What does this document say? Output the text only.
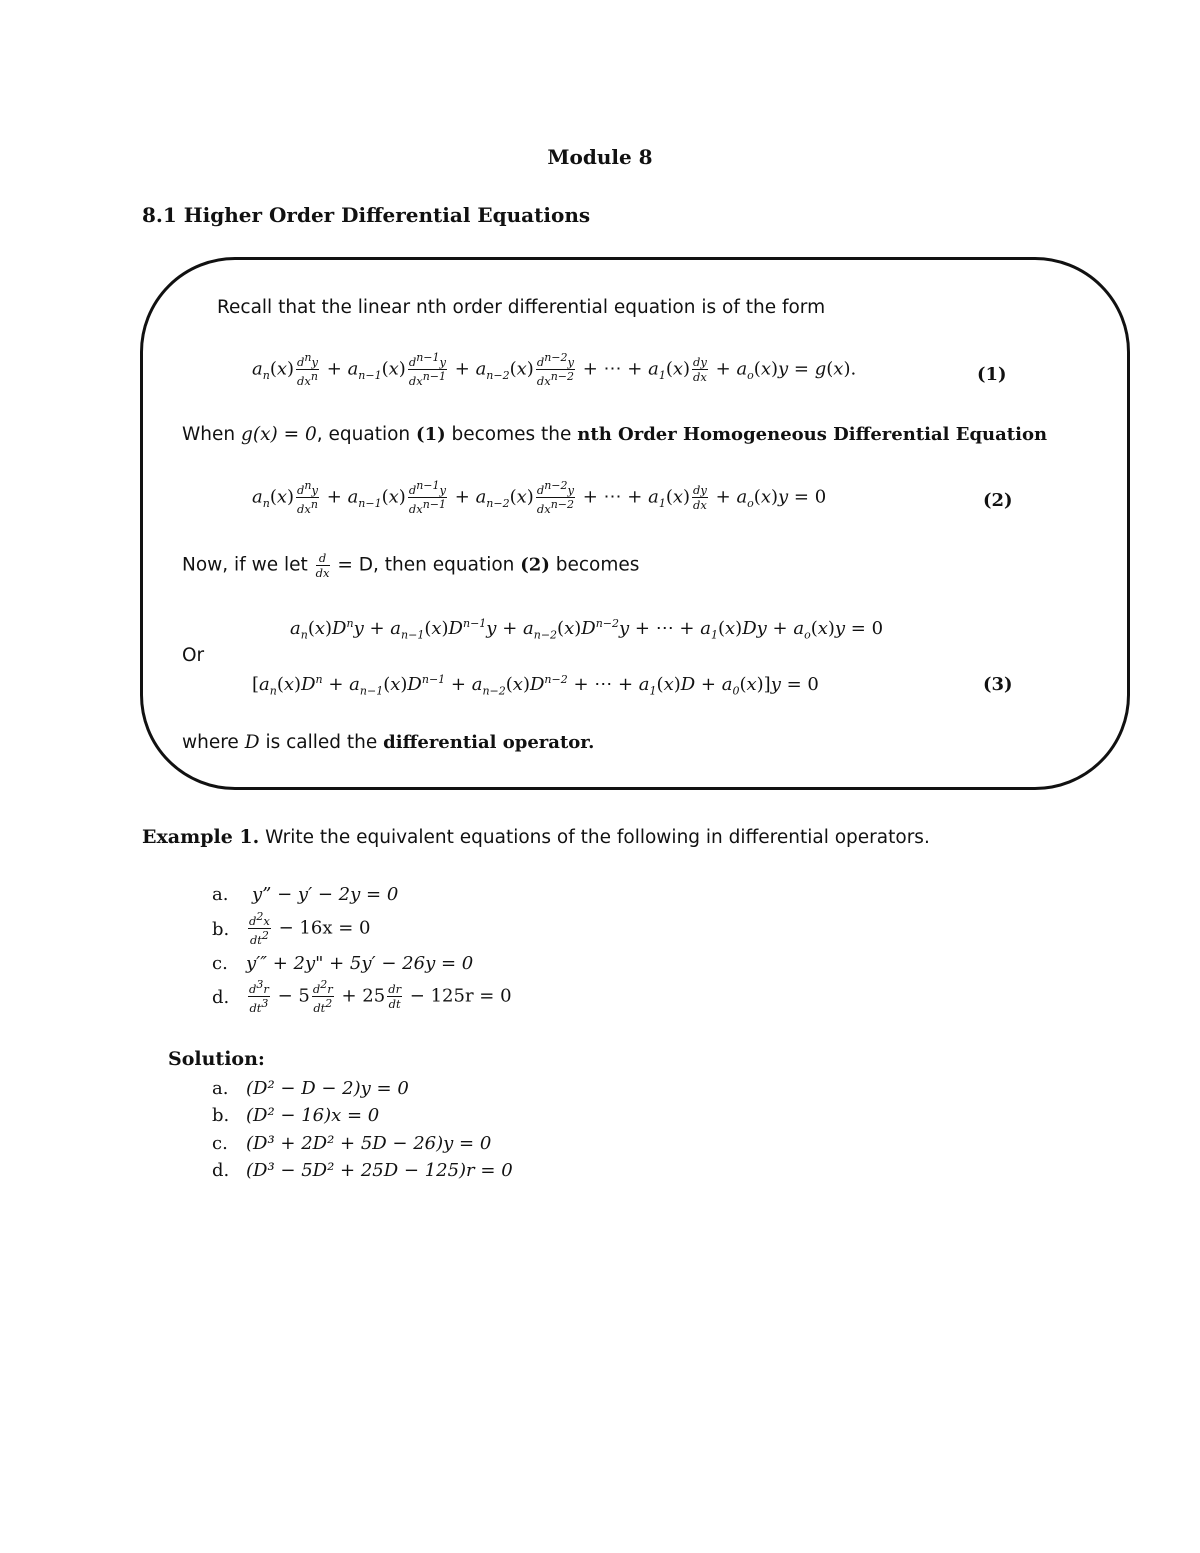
Module 8
8.1 Higher Order Differential Equations
Recall that the linear nth order differential equation is of the form
$a_n(x) \frac{d^ny}{dx^n} + a_{n-1}(x) \frac{d^{n-1}y}{dx^{n-1}} + a_{n-2}(x) \frac{d^{n-2}y}{dx^{n-2}}$ + ⋯ + $a_1(x) \frac{dy}{dx} + a_o(x)y = g(x)$.	(1)
When g(x) = 0, equation (1) becomes the nth Order Homogeneous Differential Equation
$a_n(x) \frac{d^ny}{dx^n} + a_{n-1}(x) \frac{d^{n-1}y}{dx^{n-1}} + a_{n-2}(x) \frac{d^{n-2}y}{dx^{n-2}}$ + ⋯ + $a_1(x) \frac{dy}{dx} + a_o(x)y = 0$	(2)
Now, if we let $\frac{d}{dx} = D$, then equation (2) becomes
$a_n(x)D^ny + a_{n-1}(x)D^{n-1}y + a_{n-2}(x)D^{n-2}y$ + ⋯ + $a_1(x)Dy + a_o(x)y = 0$
Or
[$a_n(x)D^n + a_{n-1}(x)D^{n-1} + a_{n-2}(x)D^{n-2}$ + ⋯ + $a_1(x)D + a_0(x)]y = 0$	(3)
where D is called the differential operator.
Example 1. Write the equivalent equations of the following in differential operators.
a. y” − y′ − 2y = 0
b. $\frac{d^2x}{dt^2} - 16x = 0$
c. y′″ + 2y" + 5y′ − 26y = 0
d. $\frac{d^3r}{dt^3} - 5 \frac{d^2r}{dt^2} + 25 \frac{dr}{dt} - 125r = 0$
Solution:
a. (D² − D − 2)y = 0
b. (D² − 16)x = 0
c. (D³ + 2D² + 5D − 26)y = 0
d. (D³ − 5D² + 25D − 125)r = 0
